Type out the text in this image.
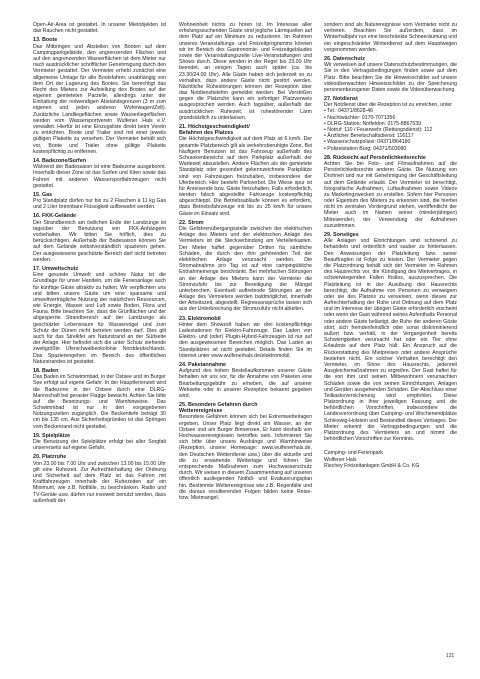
Open-Air-Area ist gestattet. In unserer Mietobjekten ist das Rauchen nicht gestattet.

13. Boote

Das Mitbringen und Abstellen von Booten auf dem Campingparkgelände, den angrenzenden Flächen und auf den angrenzenden Wasserflächen ist dem Mieter nur nach ausdrücklicher schriftlicher Genehmigung durch den Vermieter gestattet. Der Vermieter erhebt zunächst eine allgemeine Umlage für alle Bootsfahrer, unabhängig von dem Ort der Lagerung des Bootes. Sie berechtigt das Recht des Mieters zur Aufstellung des Bootes auf der eigenen gemieteten Parzelle, allerdings unter der Einhaltung der notwendigen Abstandsgrenzen (3 m zum eigenen und jeden anderen Wohnwagen/Zelt). Zusätzliche Landliegeflächen sowie Wasserliegeflächen werden vom Wassersportverein Wulfener Hals e.V. verwaltet. Hierfür ist eine Einzugsliste direkt beim Verein zu entrichten. Boote und Trailer sind mit einer jeweils gültigen Plakette zu versehen. Der Vermieter behält sich vor, Boote und Trailer ohne gültige Plakette kostenpflichtig zu entfernen.

14. Badezone/Surfen

Während der Badesaison ist eine Badezone ausgebonnt. Innerhalb dieser Zone ist das Surfen und Kiten sowie das Fahren mit anderen Wassersportfahrzeugen nicht gestattet.

15. Gas

Pro Standplatz dürfen nur bis zu 2 Flaschen à 11 kg Gas und 2 Liter brennbare Flüssigkeit aufbewahrt werden.

16. FKK-Gelände

Der Strandbereich am östlichen Ende der Landzunge ist tagsüber der Benutzung von FKK-Anhängern vorbehalten. Wir bitten Sie höflich, dies zu berücksichtigen. Außerhalb der Badesaison können Sie auf dem Gelände selbstverständlich spazieren gehen. Der ausgewiesene geschützte Bereich darf nicht betreten werden.

17. Umweltschutz

Eine gesunde Umwelt und schöne Natur ist die Grundlage für unser Handeln, um die Ferienanlage auch für künftige Gäste attraktiv zu halten. Wir verpflichten uns und bitten unsere Gäste um eine sparsame und umweltverträgliche Nutzung der natürlichen Ressourcen, wie Energie, Wasser und Luft sowie Boden, Flora und Fauna. Bitte beachten Sie, dass die Grünflächen und der abgesperrte Strandbereich auf der Landzunge als geschützter Lebensraum für Wasservögel und zum Schutz der Dünen nicht betreten werden darf. Dies gilt auch für das Strelkfer am Naturstrand an der Südseite der Anlage. Hier befindet sich die unter Schutz stehende zweitgrößte Uferschwalbenkolonie Norddeutschlands. Das Spazierengehen im Bereich des öffentlichen Naturstrandes ist gestattet.

18. Baden

Das Baden im Schwimmbad, in der Ostsee und im Burger See erfolgt auf eigene Gefahr. In der Hauptferienzeit wird die Badezone in der Ostsee durch eine DLRG-Mannschaft bei geraster Flagge bewacht. Achten Sie bitte auf die Besetzungs- und Warnhinweise. Das Schwimmbad ist nur in den vorgegebenen Nutzungszeiten zugänglich. Die Beckentiefe beträgt 30 cm bis 135 cm. Aus Sicherheitsgründen ist das Springen vom Beckenrand nicht gestattet.

19. Spielplätze

Die Benutzung der Spielplätze erfolgt bei aller Sorgfalt unsererseits auf eigene Gefahr.

20. Platzruhe

Von 23.00 bis 7.00 Uhr und zwischen 13.00 bis 15.00 Uhr gilt eine Ruhezeit. Zur Aufrechterhaltung der Ordnung und Sicherheit auf dem Platz ist das Fahren mit Kraftfahrzeugen innerhalb der Ruhezeiten auf ein Minimum, wie z.B. Notfälle, zu beschränken. Radio und TV-Geräte usw. dürfen nur insoweit benutzt werden, dass außerhalb der

Wohneinheit nichts zu hören ist. Im Interesse aller erholungssuchenden Gäste sind jegliche Lärmquellen auf dem Platz auf ein Minimum zu reduzieren. Im Rahmen unseres Veranstaltungs- und Freizeitprogramms können wir im Bereich des Gastronomie- und Freizeitgebäudes sowie der Veranstaltungszelte Live-Veranstaltungen und Shows durch. Diese werden in der Regel bis 23.00 Uhr beendet, an einigen Tagen auch später (ca. bis 23.30/24.00 Uhr). Alle Gäste haben sich jederzeit so zu verhalten, dass andere Gäste nicht gestört werden. Nächtliche Ruhestörungen können der Rezeption über das Notdiensttelefon gemeldet werden. Bei Verstößen gegen die Platzruhe kann ein sofortiger Platzverweis ausgesprochen werden. Auch tagsüber, außerhalb der ausdrücklichen Ruhezeit, ist ruhestörender Lärm grundsätzlich zu unterlassen.

21. Höchstgeschwindigkeit/
Befahren des Platzes

Die Höchstgeschwindigkeit auf dem Platz ist 6 km/h. Der gesamte Platzbereich gilt als verkehrsberuhigte Zone. Bei häufigem Benutzen ist das Fahrzeug außerhalb des Schrankenbereichs auf dem Parkplatz außerhalb der Wartezeit abzustellen. Andere Flächen als der gemietete Standplatz oder gesondert gekennzeichnete Parkplätze sind von Fahrzeugen freizuhalten, insbesondere der Uferbereich. Hier besteht Parkverbot. Die Wiese spur ist für Anreisende bzw. Gäste freizuhalten. Falls erforderlich, werden falsch abgestellte Fahrzeuge kostenpflichtig abgeschleppt. Die Betriebsabläufe können es erfordern, dass Betriebsfahrzeuge mit bis zu 25 km/h für unsere Gäste im Einsatz sind.

22. Strom

Die Gefahrenübergangsstelle zwischen der elektrischen Anlage des Mieters und der elektrischen Anlage des Vermieters ist die Steckverbindung am Verteilerkasten. Der Mieter haftet gegenüber Dritten für sämtliche Schäden, die durch den ihm gehörenden Teil der elektrischen Anlage verursacht werden. Die Stromabnahme pro Tag ist auf eine campingübliche Entnahmemenge beschränkt. Bei mehrfachen Störungen an der Anlage des Mieters kann der Vermieter die Stromzufuhr bis zur Beseitigung der Mängel unterbrechen. Eventuell auftretende Störungen an der Anlage des Vermieters werden baldmöglichst, innerhalb der Arbeitszeit, abgestellt. Regressansprüche lassen sich aus der Unterbrechung der Stromzufuhr nicht ableiten.

23. Elektromobil

Hinter dem Showzelt haben wir drei kostenpflichtige Ladestationen für Elektro-Fahrzeuge. Das Laden von Elektro- und (oder) Plugin-Hybrid-Fahrzeugen ist nur auf den ausgewiesenen Bereichen möglich. Das Laden an Standplätzen ist nicht gestattet. Details finden Sie im Internet unter www.wulfenerhals.de/elektromobil.

24. Paketannahme

Aufgrund des hohen Bestellaufkommen unserer Gäste behalten wir uns vor, für die Annahme von Paketen eine Bearbeitungsgebühr zu erheben, die auf unserer Webseite oder in unserer Rezeption bekannt gegeben wird.

25. Besondere Gefahren durch
Wetterereignisse

Besondere Gefahren können sich bei Extremwetterlagen ergeben. Unser Platz liegt direkt am Wasser, an der Ostsee und am Burger Binnensee. Er kann deshalb von Hochwasserereignissen betroffen sein. Informieren Sie sich bitte über unsere Aushänge und Warnhinweise (Rezeption, unsere Homepage: www.wulfenerhals.de, den Deutschen Wetterdienst usw.) über die aktuelle und die zu erwartende Wetterlage und führen Sie entsprechende Maßnahmen zum Hochwasserschutz durch. Wir weisen in diesem Zusammenhang auf unseren öffentlich ausliegenden Notfall- und Evakuierungsplan hin. Bestimmte Wetterereignisse wie z.B. Regenfälle und die daraus resultierenden Folgen bilden keine Reise- bzw. Mietmangel,

sondern sind als Naturereignisse vom Vermieter nicht zu vertreten. Beachten Sie außerdem, dass im Winterhalbjahr nur eine beschränkte Schneeräumung und ein eingeschränkter Winterdienst auf dem Hauptwegen vorgenommen werden.

26. Datenschutz

Wir verweisen auf unsere Datenschutzbestimmungen, die Sie in den Vertragsbedingungen finden sowie auf dem Platz. Bitte beachten Sie die Hinweisschilder auf unsere videoüberwachten Hinweisschilder zu der Speicherung personenbezogener Daten sowie die Videoüberwachung.

27. Notdienst

Der Notdienst über die Rezeption ist zu erreichen, unter

• Tel.: 04371/8628-46
• Nachtwächter: 0170-7071356
• DLRG-Station: Notfeldon: 0175-8867539
• Notruf: 110 / Feuerwehr (Rettungsdienst): 112
• Ärztlicher Bereitschaftsdienst: 116117
• Wasserschutzpolizei: 04371/864180
• Polizeistation Burg: 04371/503080
28. Rücksicht auf Persönlichkeitsrechte

Achten Sie bei Foto- und Filmaufnahmen auf die Persönlichkeitsrechte anderer Gäste. Die Nutzung von Drohnen und nur mit Genehmigung der Geschäftsleitung auf dem Gelände erlaubt. Der Vermieter ist berechtigt, fotografische Aufnahmen, Luftaufnahmen sowie Videos zu Marketingzwecken zu erstellen. Sofern hier Personen oder Eigentum des Mieters zu erkennen sind, die hierbei nicht im zentralen Vordergrund stehen, veröffentlicht der Mieter auch im Namen seiner (minderjährigen) Mitreisenden, der Verwendung der Aufnahmen zuzustimmen.

29. Sonstiges

Alle Anlagen und Einrichtungen sind schonend zu behandeln und ordentlich und sauber zu hinterlassen. Den Anweisungen der Platzleitung bzw. seiner Beauftragten ist Folge zu leisten. Der Vermieter gegen die Platzordnung behält sich der Vermieter im Rahmen des Hausrechts vor, die Kündigung des Mietvertrages, in schwerwiegenden Fällen fristlos, auszusprechen. Die Platzleitung ist in der Ausübung des Hausrechts berechtigt, die Aufnahme von Personen zu verweigern oder sie des Platzes zu verweisen, wenn dieses zur Aufrechterhaltung der Ruhe und Ordnung auf dem Platz und im Interesse der übrigen Gäste erforderlich erscheint oder wenn der Gast während seines Aufenthalts Personal oder andere Gäste belästigt, die Ruhe der anderen Gäste stört, sich fremdenfeindlich oder sonst diskriminierend äußert bzw. verhält, in der Vergangenheit bereits Schwierigkeiten verursacht hat oder ein Tier ohne Erlaubnis auf dem Platz hält. Ein Anspruch auf die Rückerstattung des Mietpreises oder andere Ansprüche bestehen nicht. Ein solcher Verhalten berechtigt den Vermieter, im Sinne des Hausrechts, jederzeit Ausgleichsmaßnahmen zu ergreifen. Der Gast haftet für die von ihm und seinen Mitbewohnern verursachten Schäden sowie die von seinen Einrichtungen, Anlagen und Geräten ausgehenden Schäden. Der Abschluss einer Teilkaskoversicherung wird empfohlen. Diese Platzordnung in ihrer jeweiligen Fassung und die behördlichen Vorschriften, insbesondere die Landesverordnung über Camping- und Wochenendplätze Schleswig-Holstein und Bestandteil dieses Vertrages. Der Mieter erkennt die Vertragsbedingungen und die Platzordnung des Vermieters an und nimmt die behördlichen Vorschriften zur Kenntnis.

Camping- und Ferienpark
Wulfener Hals
Riechey Freizeitanlagen GmbH & Co. KG

131
